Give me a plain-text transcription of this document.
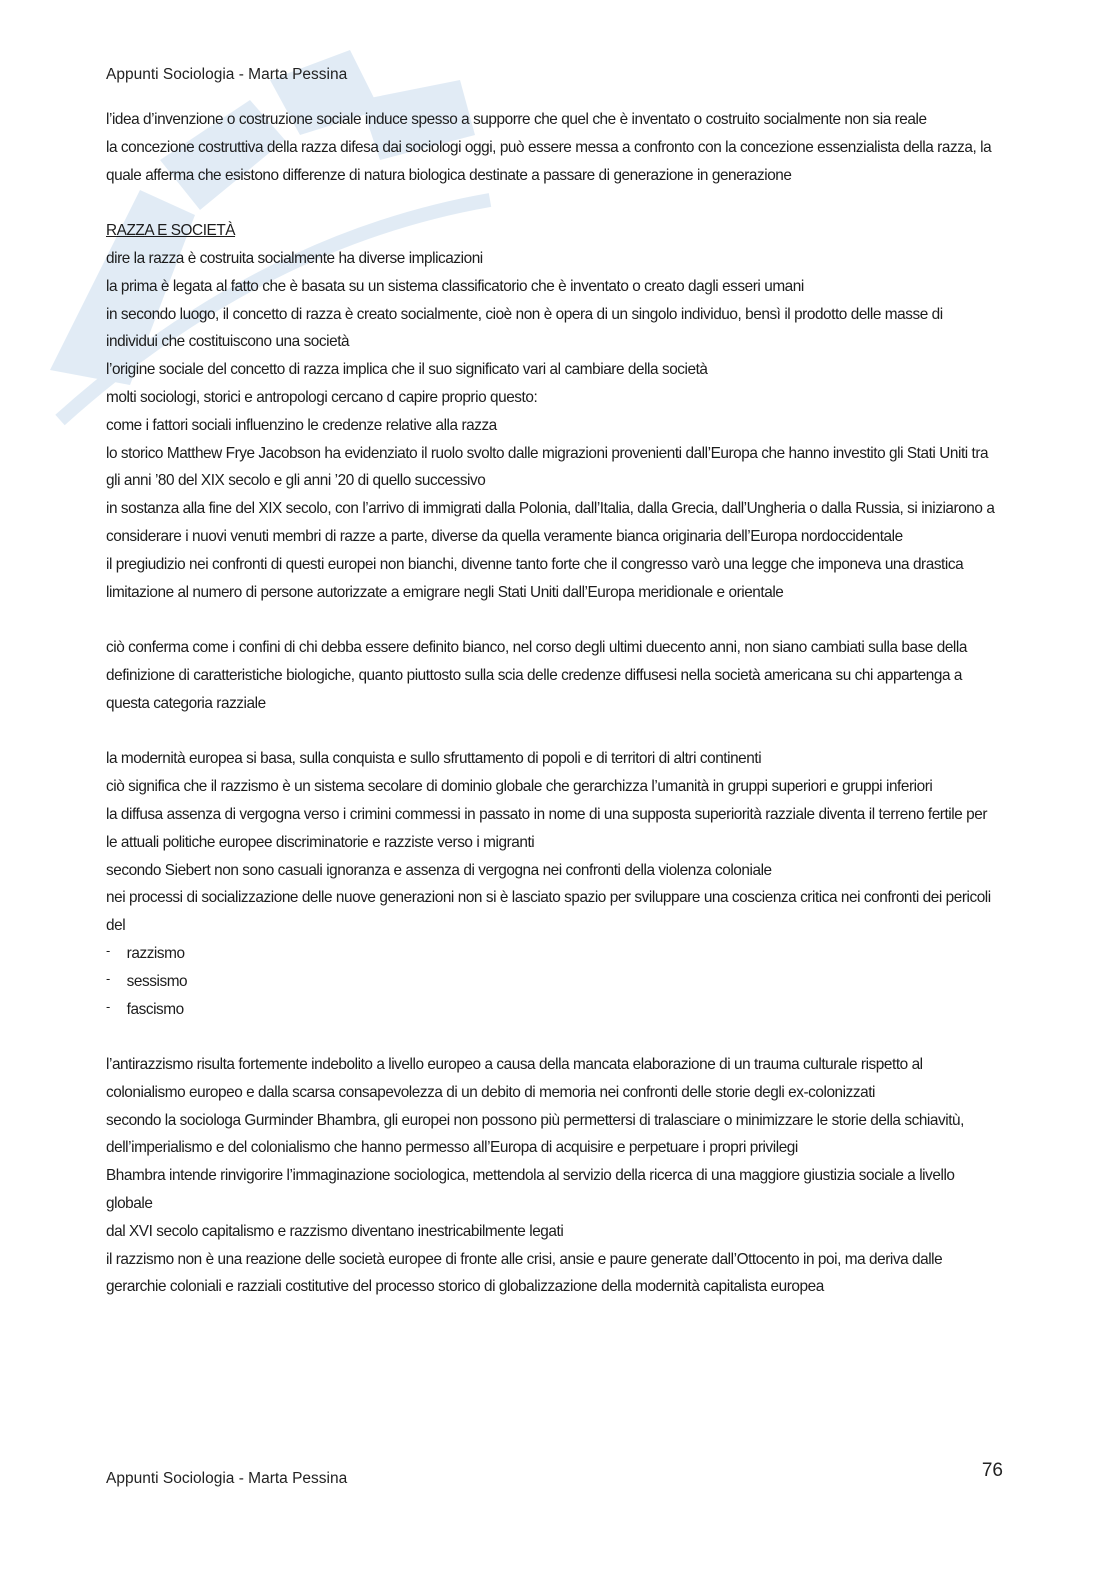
Appunti Sociologia - Marta Pessina

l’idea d’invenzione o costruzione sociale induce spesso a supporre che quel che è inventato o costruito socialmente non sia reale

la concezione costruttiva della razza difesa dai sociologi oggi, può essere messa a confronto con la concezione essenzialista della razza, la quale afferma che esistono differenze di natura biologica destinate a passare di generazione in generazione

RAZZA E SOCIETÀ

dire la razza è costruita socialmente ha diverse implicazioni

la prima è legata al fatto che è basata su un sistema classificatorio che è inventato o creato dagli esseri umani

in secondo luogo, il concetto di razza è creato socialmente, cioè non è opera di un singolo individuo, bensì il prodotto delle masse di individui che costituiscono una società

l’origine sociale del concetto di razza implica che il suo significato vari al cambiare della società

molti sociologi, storici e antropologi cercano d capire proprio questo:

come i fattori sociali influenzino le credenze relative alla razza

lo storico Matthew Frye Jacobson ha evidenziato il ruolo svolto dalle migrazioni provenienti dall’Europa che hanno investito gli Stati Uniti tra gli anni ’80 del XIX secolo e gli anni ’20 di quello successivo

in sostanza alla fine del XIX secolo, con l’arrivo di immigrati dalla Polonia, dall’Italia, dalla Grecia, dall’Ungheria o dalla Russia, si iniziarono a considerare i nuovi venuti membri di razze a parte, diverse da quella veramente bianca originaria dell’Europa nordoccidentale

il pregiudizio nei confronti di questi europei non bianchi, divenne tanto forte che il congresso varò una legge che imponeva una drastica limitazione al numero di persone autorizzate a emigrare negli Stati Uniti dall’Europa meridionale e orientale

ciò conferma come i confini di chi debba essere definito bianco, nel corso degli ultimi duecento anni, non siano cambiati sulla base della definizione di caratteristiche biologiche, quanto piuttosto sulla scia delle credenze diffusesi nella società americana su chi appartenga a questa categoria razziale

la modernità europea si basa, sulla conquista e sullo sfruttamento di popoli e di territori di altri continenti

ciò significa che il razzismo è un sistema secolare di dominio globale che gerarchizza l’umanità in gruppi superiori e gruppi inferiori

la diffusa assenza di vergogna verso i crimini commessi in passato in nome di una supposta superiorità razziale diventa il terreno fertile per le attuali politiche europee discriminatorie e razziste verso i migranti

secondo Siebert non sono casuali ignoranza e assenza di vergogna nei confronti della violenza coloniale

nei processi di socializzazione delle nuove generazioni non si è lasciato spazio per sviluppare una coscienza critica nei confronti dei pericoli del

- razzismo
- sessismo
- fascismo

l’antirazzismo risulta fortemente indebolito a livello europeo a causa della mancata elaborazione di un trauma culturale rispetto al colonialismo europeo e dalla scarsa consapevolezza di un debito di memoria nei confronti delle storie degli ex-colonizzati

secondo la sociologa Gurminder Bhambra, gli europei non possono più permettersi di tralasciare o minimizzare le storie della schiavitù, dell’imperialismo e del colonialismo che hanno permesso all’Europa di acquisire e perpetuare i propri privilegi

Bhambra intende rinvigorire l’immaginazione sociologica, mettendola al servizio della ricerca di una maggiore giustizia sociale a livello globale

dal XVI secolo capitalismo e razzismo diventano inestricabilmente legati

il razzismo non è una reazione delle società europee di fronte alle crisi, ansie e paure generate dall’Ottocento in poi, ma deriva dalle gerarchie coloniali e razziali costitutive del processo storico di globalizzazione della modernità capitalista europea

Appunti Sociologia - Marta Pessina	76
